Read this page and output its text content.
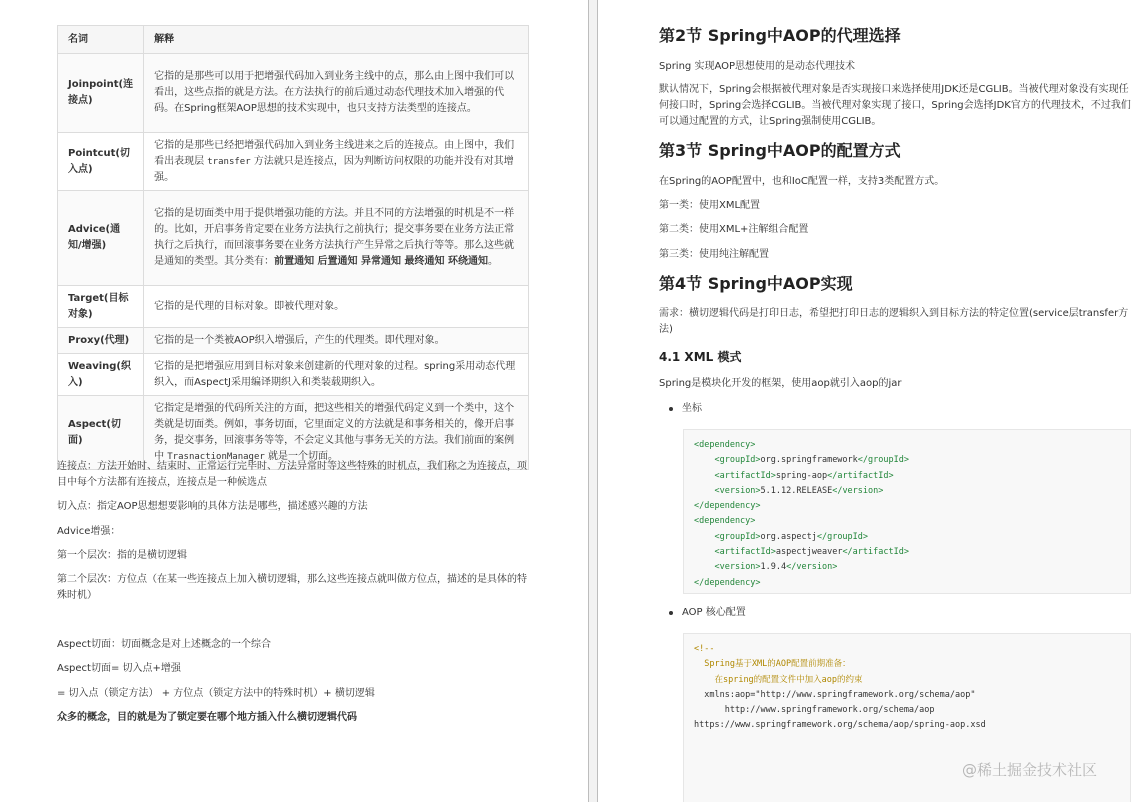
名词	解释
Joinpoint(连接点)	它指的是那些可以用于把增强代码加入到业务主线中的点，那么由上图中我们可以看出，这些点指的就是方法。在方法执行的前后通过动态代理技术加入增强的代码。在Spring框架AOP思想的技术实现中，也只支持方法类型的连接点。
Pointcut(切入点)	它指的是那些已经把增强代码加入到业务主线进来之后的连接点。由上图中，我们看出表现层 transfer 方法就只是连接点，因为判断访问权限的功能并没有对其增强。
Advice(通知/增强)	它指的是切面类中用于提供增强功能的方法。并且不同的方法增强的时机是不一样的。比如，开启事务肯定要在业务方法执行之前执行；提交事务要在业务方法正常执行之后执行，而回滚事务要在业务方法执行产生异常之后执行等等。那么这些就是通知的类型。其分类有：前置通知 后置通知 异常通知 最终通知 环绕通知。
Target(目标对象)	它指的是代理的目标对象。即被代理对象。
Proxy(代理)	它指的是一个类被AOP织入增强后，产生的代理类。即代理对象。
Weaving(织入)	它指的是把增强应用到目标对象来创建新的代理对象的过程。spring采用动态代理织入，而AspectJ采用编译期织入和类装载期织入。
Aspect(切面)	它指定是增强的代码所关注的方面，把这些相关的增强代码定义到一个类中，这个类就是切面类。例如，事务切面，它里面定义的方法就是和事务相关的，像开启事务，提交事务，回滚事务等等，不会定义其他与事务无关的方法。我们前面的案例中 TrasnactionManager 就是一个切面。

连接点：方法开始时、结束时、正常运行完毕时、方法异常时等这些特殊的时机点，我们称之为连接点，项目中每个方法都有连接点，连接点是一种候选点

切入点：指定AOP思想想要影响的具体方法是哪些，描述感兴趣的方法

Advice增强：

第一个层次：指的是横切逻辑

第二个层次：方位点（在某一些连接点上加入横切逻辑，那么这些连接点就叫做方位点，描述的是具体的特殊时机）

Aspect切面：切面概念是对上述概念的一个综合

Aspect切面= 切入点+增强

= 切入点（锁定方法） + 方位点（锁定方法中的特殊时机）+ 横切逻辑

众多的概念，目的就是为了锁定要在哪个地方插入什么横切逻辑代码

第2节 Spring中AOP的代理选择

Spring 实现AOP思想使用的是动态代理技术

默认情况下，Spring会根据被代理对象是否实现接口来选择使用JDK还是CGLIB。当被代理对象没有实现任何接口时，Spring会选择CGLIB。当被代理对象实现了接口，Spring会选择JDK官方的代理技术，不过我们可以通过配置的方式，让Spring强制使用CGLIB。

第3节 Spring中AOP的配置方式

在Spring的AOP配置中，也和IoC配置一样，支持3类配置方式。

第一类：使用XML配置

第二类：使用XML+注解组合配置

第三类：使用纯注解配置

第4节 Spring中AOP实现

需求：横切逻辑代码是打印日志，希望把打印日志的逻辑织入到目标方法的特定位置(service层transfer方法)

4.1 XML 模式

Spring是模块化开发的框架，使用aop就引入aop的jar

坐标
<dependency>
<groupId>org.springframework</groupId>
<artifactId>spring-aop</artifactId>
<version>5.1.12.RELEASE</version>
</dependency>
<dependency>
<groupId>org.aspectj</groupId>
<artifactId>aspectjweaver</artifactId>
<version>1.9.4</version>
</dependency>
AOP 核心配置
<!--
Spring基于XML的AOP配置前期准备：
在spring的配置文件中加入aop的约束
xmlns:aop="http://www.springframework.org/schema/aop"
http://www.springframework.org/schema/aop
https://www.springframework.org/schema/aop/spring-aop.xsd
@稀土掘金技术社区
